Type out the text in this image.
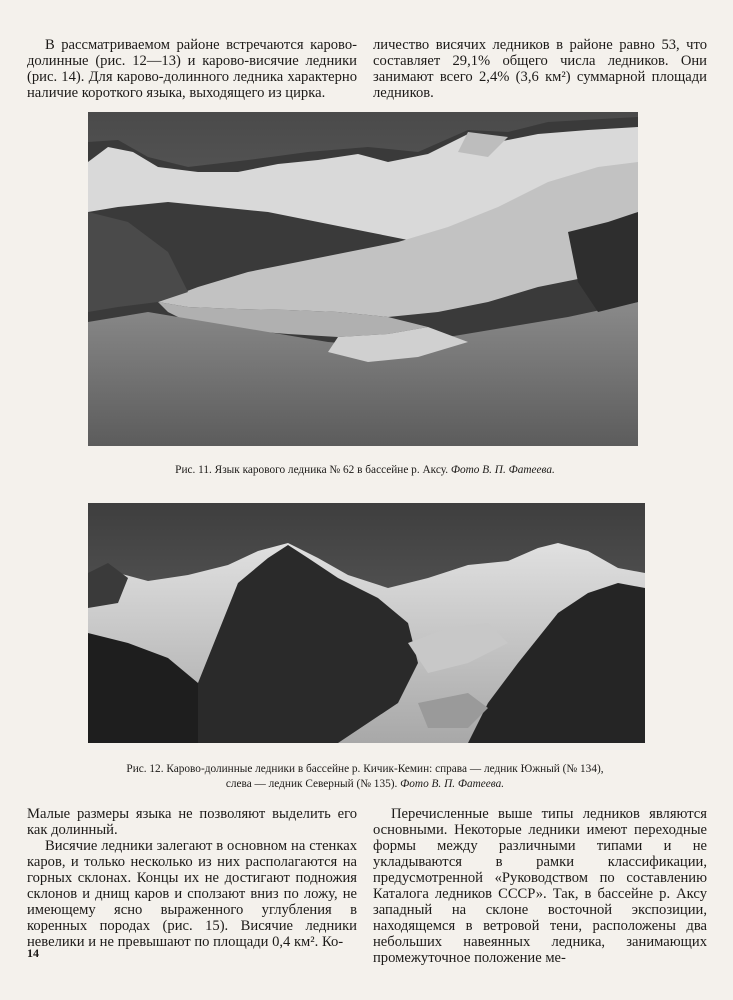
В рассматриваемом районе встречаются карово-долинные (рис. 12—13) и карово-висячие ледники (рис. 14). Для карово-долинного ледника характерно наличие короткого языка, выходящего из цирка.

личество висячих ледников в районе равно 53, что составляет 29,1% общего числа ледников. Они занимают всего 2,4% (3,6 км²) суммарной площади ледников.

Рис. 11. Язык карового ледника № 62 в бассейне р. Аксу. Фото В. П. Фатеева.
Рис. 12. Карово-долинные ледники в бассейне р. Кичик-Кемин: справа — ледник Южный (№ 134),
слева — ледник Северный (№ 135). Фото В. П. Фатеева.

Малые размеры языка не позволяют выделить его как долинный.

Висячие ледники залегают в основном на стенках каров, и только несколько из них располагаются на горных склонах. Концы их не достигают подножия склонов и днищ каров и сползают вниз по ложу, не имеющему ясно выраженного углубления в коренных породах (рис. 15). Висячие ледники невелики и не превышают по площади 0,4 км². Ко-

Перечисленные выше типы ледников являются основными. Некоторые ледники имеют переходные формы между различными типами и не укладываются в рамки классификации, предусмотренной «Руководством по составлению Каталога ледников СССР». Так, в бассейне р. Аксу западный на склоне восточной экспозиции, находящемся в ветровой тени, расположены два небольших навеянных ледника, занимающих промежуточное положение ме-

14
